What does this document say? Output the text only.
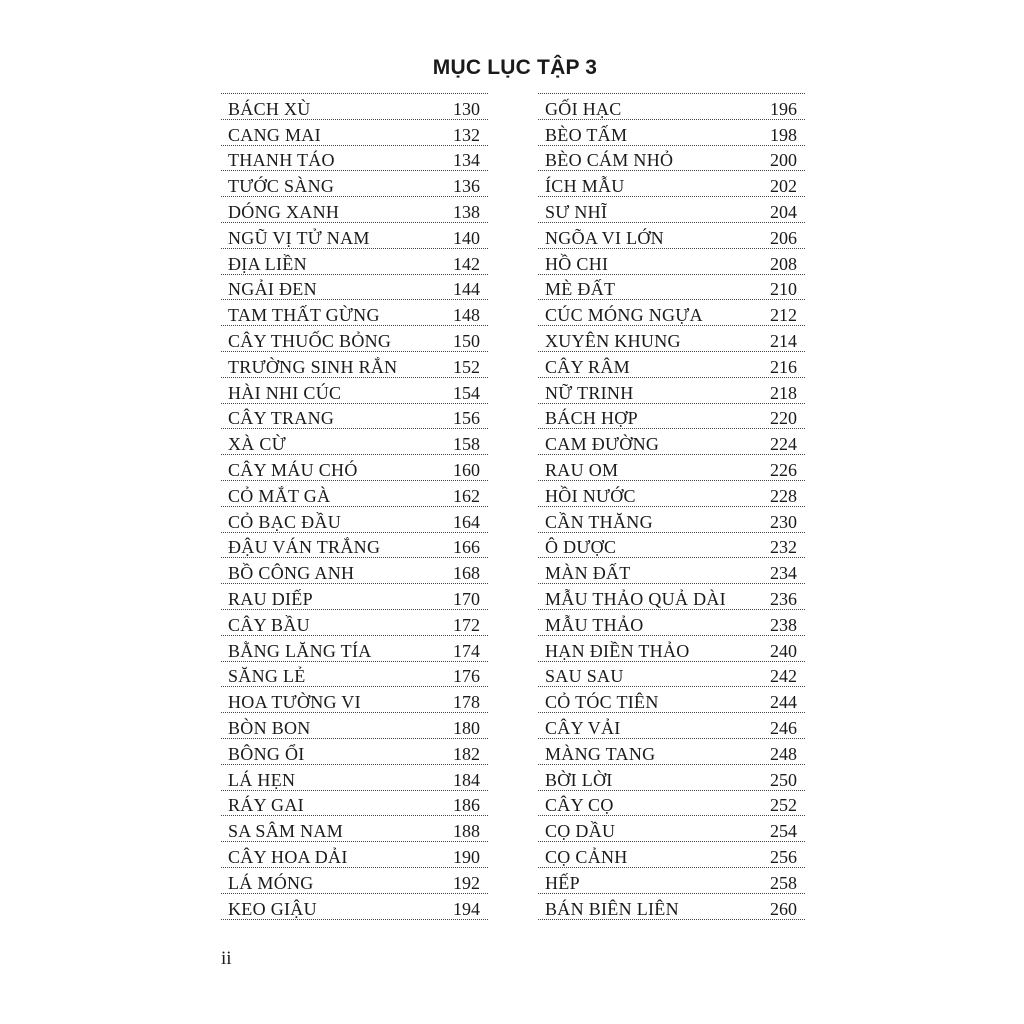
MỤC LỤC TẬP 3
BÁCH XÙ	130
CANG MAI	132
THANH TÁO	134
TƯỚC SÀNG	136
DÓNG XANH	138
NGŨ VỊ TỬ NAM	140
ĐỊA LIỀN	142
NGẢI ĐEN	144
TAM THẤT GỪNG	148
CÂY THUỐC BỎNG	150
TRƯỜNG SINH RẮN	152
HÀI NHI CÚC	154
CÂY TRANG	156
XÀ CỪ	158
CÂY MÁU CHÓ	160
CỎ MẮT GÀ	162
CỎ BẠC ĐẦU	164
ĐẬU VÁN TRẮNG	166
BỒ CÔNG ANH	168
RAU DIẾP	170
CÂY BẦU	172
BẰNG LĂNG TÍA	174
SĂNG LẺ	176
HOA TƯỜNG VI	178
BÒN BON	180
BÔNG ỔI	182
LÁ HẸN	184
RÁY GAI	186
SA SÂM NAM	188
CÂY HOA DẢI	190
LÁ MÓNG	192
KEO GIẬU	194
GỐI HẠC	196
BÈO TẤM	198
BÈO CÁM NHỎ	200
ÍCH MẪU	202
SƯ NHĨ	204
NGÕA VI LỚN	206
HỒ CHI	208
MÈ ĐẤT	210
CÚC MÓNG NGỰA	212
XUYÊN KHUNG	214
CÂY RÂM	216
NỮ TRINH	218
BÁCH HỢP	220
CAM ĐƯỜNG	224
RAU OM	226
HỒI NƯỚC	228
CẦN THĂNG	230
Ô DƯỢC	232
MÀN ĐẤT	234
MẪU THẢO QUẢ DÀI 236
MẪU THẢO	238
HẠN ĐIỀN THẢO	240
SAU SAU	242
CỎ TÓC TIÊN	244
CÂY VẢI	246
MÀNG TANG	248
BỜI LỜI	250
CÂY CỌ	252
CỌ DẦU	254
CỌ CẢNH	256
HẾP	258
BÁN BIÊN LIÊN	260
ii
